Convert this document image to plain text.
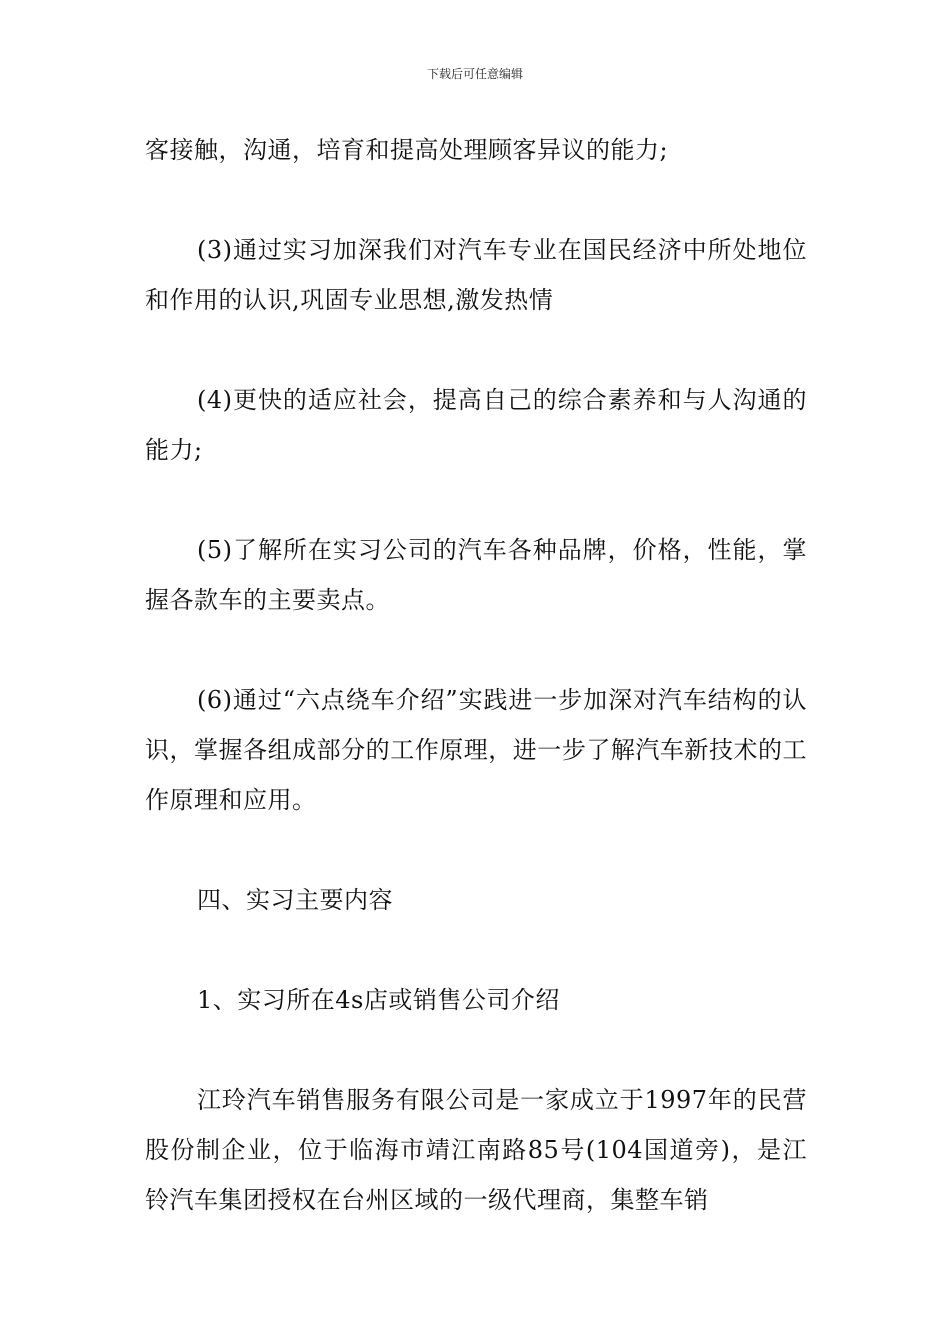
下载后可任意编辑

客接触，沟通，培育和提高处理顾客异议的能力;

(3)通过实习加深我们对汽车专业在国民经济中所处地位和作用的认识,巩固专业思想,激发热情

(4)更快的适应社会，提高自己的综合素养和与人沟通的能力;

(5)了解所在实习公司的汽车各种品牌，价格，性能，掌握各款车的主要卖点。

(6)通过“六点绕车介绍”实践进一步加深对汽车结构的认识，掌握各组成部分的工作原理，进一步了解汽车新技术的工作原理和应用。

四、实习主要内容

1、实习所在4s店或销售公司介绍

江玲汽车销售服务有限公司是一家成立于1997年的民营股份制企业，位于临海市靖江南路85号(104国道旁)，是江铃汽车集团授权在台州区域的一级代理商，集整车销
